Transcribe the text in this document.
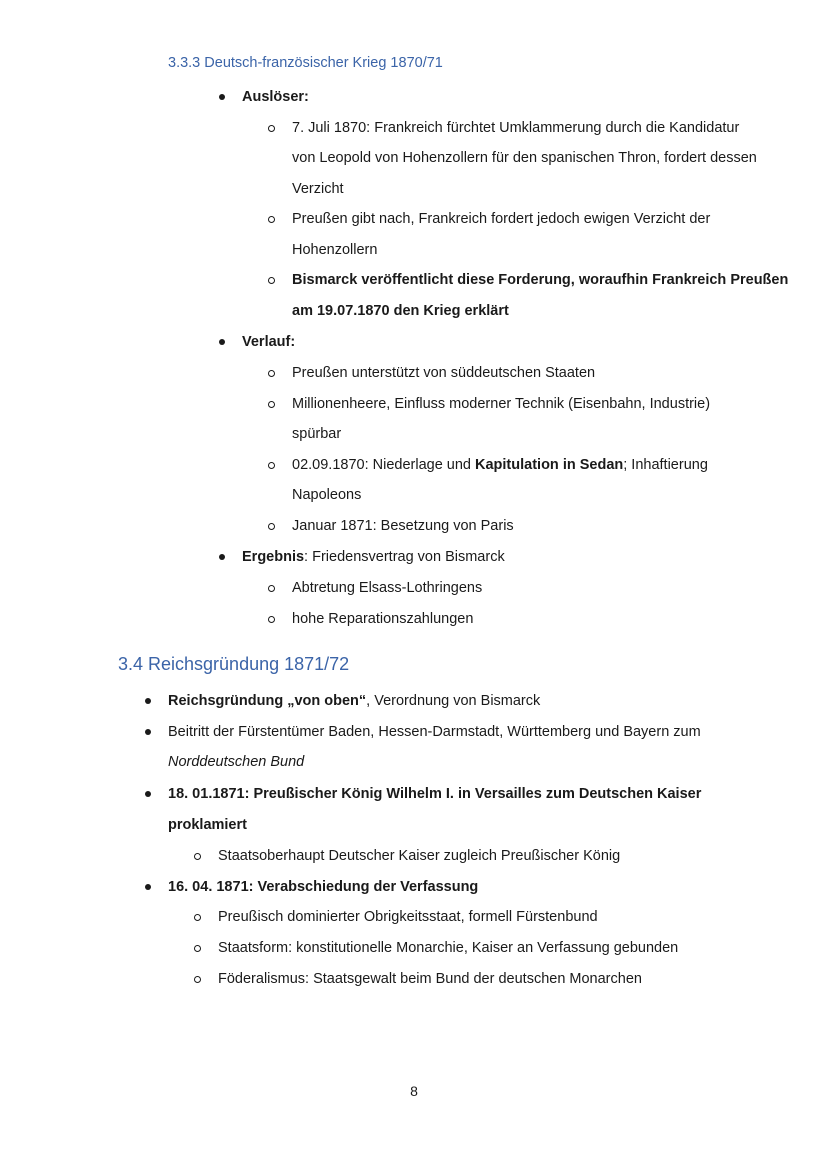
3.3.3 Deutsch-französischer Krieg 1870/71
Auslöser:
7. Juli 1870: Frankreich fürchtet Umklammerung durch die Kandidatur
von Leopold von Hohenzollern für den spanischen Thron, fordert dessen
Verzicht
Preußen gibt nach, Frankreich fordert jedoch ewigen Verzicht der
Hohenzollern
Bismarck veröffentlicht diese Forderung, woraufhin Frankreich Preußen
am 19.07.1870 den Krieg erklärt
Verlauf:
Preußen unterstützt von süddeutschen Staaten
Millionenheere, Einfluss moderner Technik (Eisenbahn, Industrie)
spürbar
02.09.1870: Niederlage und Kapitulation in Sedan; Inhaftierung
Napoleons
Januar 1871: Besetzung von Paris
Ergebnis: Friedensvertrag von Bismarck
Abtretung Elsass-Lothringens
hohe Reparationszahlungen
3.4 Reichsgründung 1871/72
Reichsgründung „von oben“, Verordnung von Bismarck
Beitritt der Fürstentümer Baden, Hessen-Darmstadt, Württemberg und Bayern zum
Norddeutschen Bund
18. 01.1871: Preußischer König Wilhelm I. in Versailles zum Deutschen Kaiser
proklamiert
Staatsoberhaupt Deutscher Kaiser zugleich Preußischer König
16. 04. 1871: Verabschiedung der Verfassung
Preußisch dominierter Obrigkeitsstaat, formell Fürstenbund
Staatsform: konstitutionelle Monarchie, Kaiser an Verfassung gebunden
Föderalismus: Staatsgewalt beim Bund der deutschen Monarchen
8
